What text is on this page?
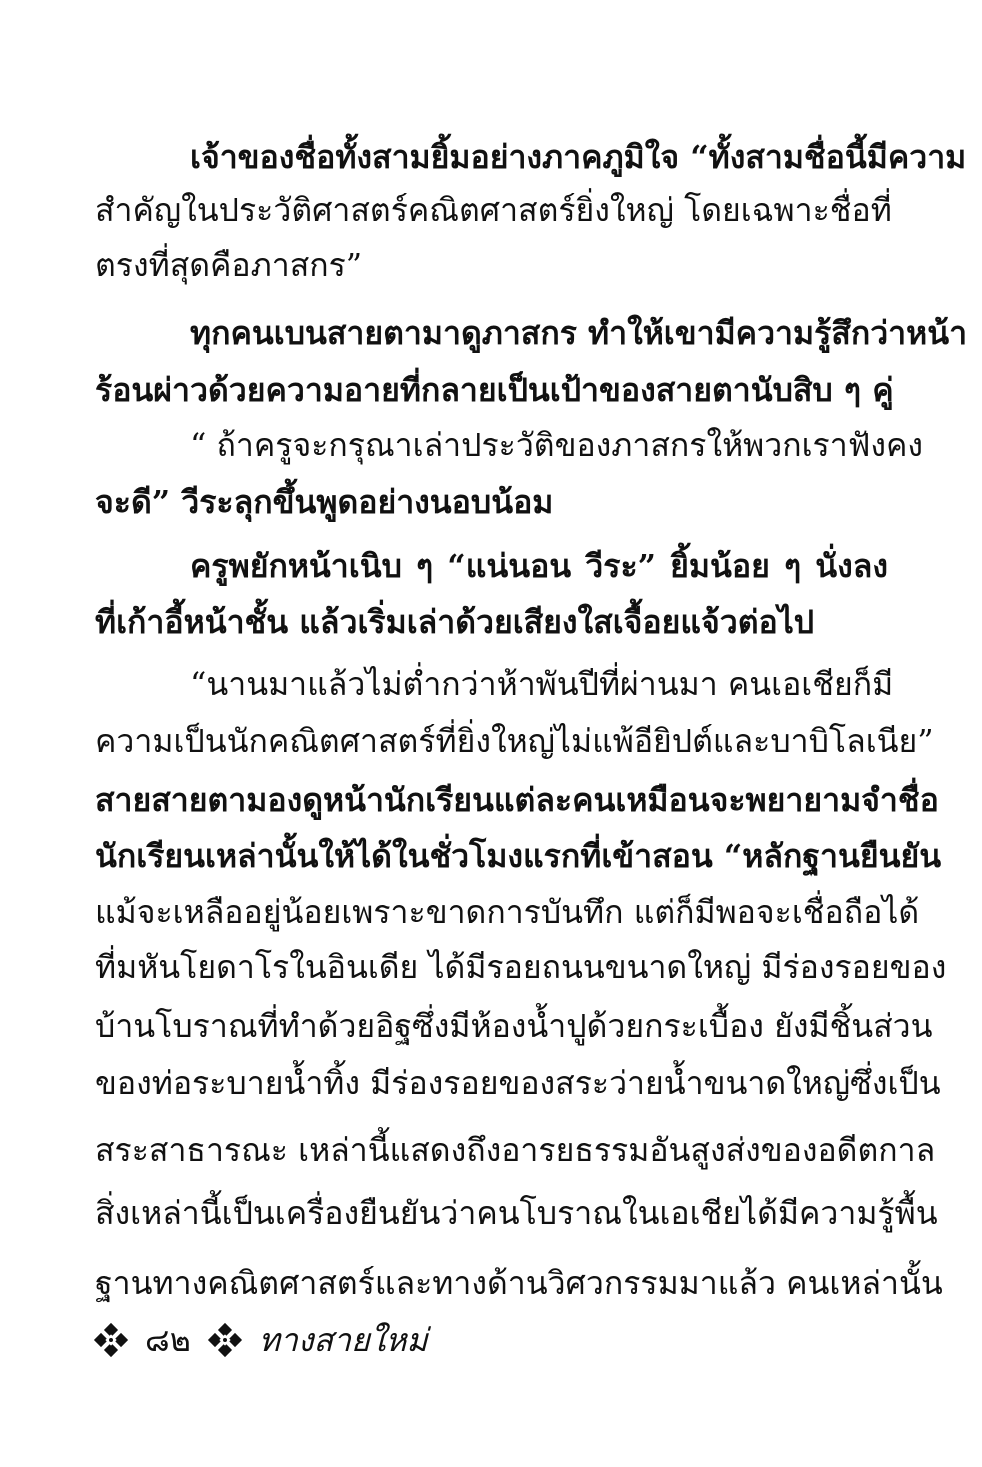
เจ้าของชื่อทั้งสามยิ้มอย่างภาคภูมิใจ “ทั้งสามชื่อนี้มีความ
สำคัญในประวัติศาสตร์คณิตศาสตร์ยิ่งใหญ่ โดยเฉพาะชื่อที่
ตรงที่สุดคือภาสกร”
ทุกคนเบนสายตามาดูภาสกร ทำให้เขามีความรู้สึกว่าหน้า
ร้อนผ่าวด้วยความอายที่กลายเป็นเป้าของสายตานับสิบ ๆ คู่
“ ถ้าครูจะกรุณาเล่าประวัติของภาสกรให้พวกเราฟังคง
จะดี” วีระลุกขึ้นพูดอย่างนอบน้อม
ครูพยักหน้าเนิบ ๆ “แน่นอน วีระ” ยิ้มน้อย ๆ นั่งลง
ที่เก้าอี้หน้าชั้น แล้วเริ่มเล่าด้วยเสียงใสเจื้อยแจ้วต่อไป
“นานมาแล้วไม่ต่ำกว่าห้าพันปีที่ผ่านมา คนเอเชียก็มี
ความเป็นนักคณิตศาสตร์ที่ยิ่งใหญ่ไม่แพ้อียิปต์และบาบิโลเนีย”
สายสายตามองดูหน้านักเรียนแต่ละคนเหมือนจะพยายามจำชื่อ
นักเรียนเหล่านั้นให้ได้ในชั่วโมงแรกที่เข้าสอน “หลักฐานยืนยัน
แม้จะเหลืออยู่น้อยเพราะขาดการบันทึก แต่ก็มีพอจะเชื่อถือได้
ที่มหันโยดาโรในอินเดีย ได้มีรอยถนนขนาดใหญ่ มีร่องรอยของ
บ้านโบราณที่ทำด้วยอิฐซึ่งมีห้องน้ำปูด้วยกระเบื้อง ยังมีชิ้นส่วน
ของท่อระบายน้ำทิ้ง มีร่องรอยของสระว่ายน้ำขนาดใหญ่ซึ่งเป็น
สระสาธารณะ เหล่านี้แสดงถึงอารยธรรมอันสูงส่งของอดีตกาล
สิ่งเหล่านี้เป็นเครื่องยืนยันว่าคนโบราณในเอเชียได้มีความรู้พื้น
ฐานทางคณิตศาสตร์และทางด้านวิศวกรรมมาแล้ว คนเหล่านั้น
๘๒ ทางสายใหม่
